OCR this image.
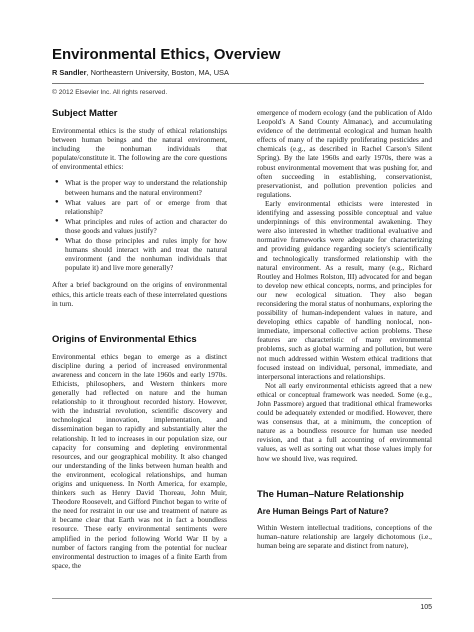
Environmental Ethics, Overview
R Sandler, Northeastern University, Boston, MA, USA
© 2012 Elsevier Inc. All rights reserved.
Subject Matter

Environmental ethics is the study of ethical relationships between human beings and the natural environment, including the nonhuman individuals that populate/constitute it. The following are the core questions of environmental ethics:

● What is the proper way to understand the relationship between humans and the natural environment?
● What values are part of or emerge from that relationship?
● What principles and rules of action and character do those goods and values justify?
● What do those principles and rules imply for how humans should interact with and treat the natural environment (and the nonhuman individuals that populate it) and live more generally?

After a brief background on the origins of environmental ethics, this article treats each of these interrelated questions in turn.

Origins of Environmental Ethics

Environmental ethics began to emerge as a distinct discipline during a period of increased environmental awareness and concern in the late 1960s and early 1970s. Ethicists, philosophers, and Western thinkers more generally had reflected on nature and the human relationship to it throughout recorded history. However, with the industrial revolution, scientific discovery and technological innovation, implementation, and dissemination began to rapidly and substantially alter the relationship. It led to increases in our population size, our capacity for consuming and depleting environmental resources, and our geographical mobility. It also changed our understanding of the links between human health and the environment, ecological relationships, and human origins and uniqueness. In North America, for example, thinkers such as Henry David Thoreau, John Muir, Theodore Roosevelt, and Gifford Pinchot began to write of the need for restraint in our use and treatment of nature as it became clear that Earth was not in fact a boundless resource. These early environmental sentiments were amplified in the period following World War II by a number of factors ranging from the potential for nuclear environmental destruction to images of a finite Earth from space, the

emergence of modern ecology (and the publication of Aldo Leopold's A Sand County Almanac), and accumulating evidence of the detrimental ecological and human health effects of many of the rapidly proliferating pesticides and chemicals (e.g., as described in Rachel Carson's Silent Spring). By the late 1960s and early 1970s, there was a robust environmental movement that was pushing for, and often succeeding in establishing, conservationist, preservationist, and pollution prevention policies and regulations.

Early environmental ethicists were interested in identifying and assessing possible conceptual and value underpinnings of this environmental awakening. They were also interested in whether traditional evaluative and normative frameworks were adequate for characterizing and providing guidance regarding society's scientifically and technologically transformed relationship with the natural environment. As a result, many (e.g., Richard Routley and Holmes Rolston, III) advocated for and began to develop new ethical concepts, norms, and principles for our new ecological situation. They also began reconsidering the moral status of nonhumans, exploring the possibility of human-independent values in nature, and developing ethics capable of handling nonlocal, non-immediate, impersonal collective action problems. These features are characteristic of many environmental problems, such as global warming and pollution, but were not much addressed within Western ethical traditions that focused instead on individual, personal, immediate, and interpersonal interactions and relationships.

Not all early environmental ethicists agreed that a new ethical or conceptual framework was needed. Some (e.g., John Passmore) argued that traditional ethical frameworks could be adequately extended or modified. However, there was consensus that, at a minimum, the conception of nature as a boundless resource for human use needed revision, and that a full accounting of environmental values, as well as sorting out what those values imply for how we should live, was required.

The Human–Nature Relationship
Are Human Beings Part of Nature?

Within Western intellectual traditions, conceptions of the human–nature relationship are largely dichotomous (i.e., human being are separate and distinct from nature),

105
